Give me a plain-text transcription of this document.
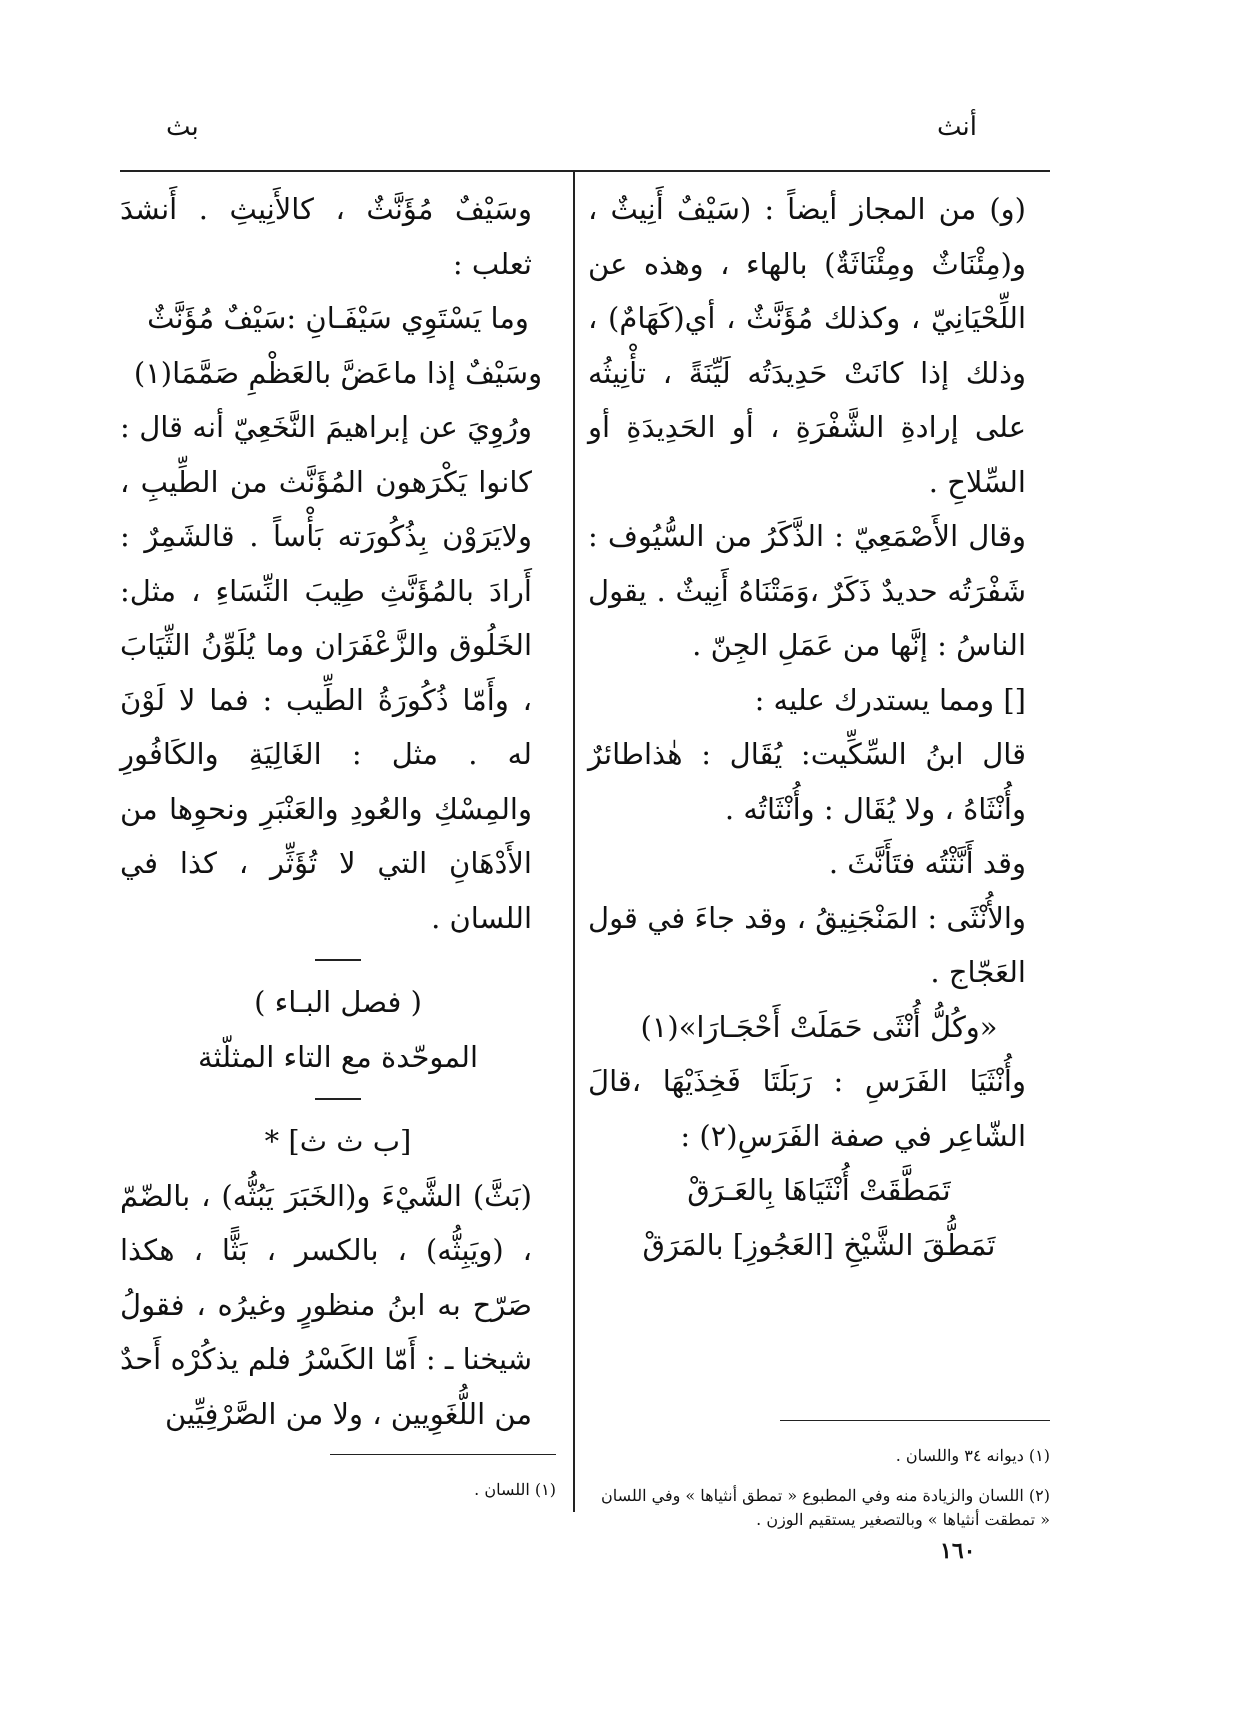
أنث
بث

(و) من المجاز أيضاً : (سَيْفٌ أَنِيثٌ ، و(مِئْنَاثٌ ومِئْنَاثَةٌ) بالهاء ، وهذه عن اللِّحْيَانِيّ ، وكذلك مُؤَنَّثٌ ، أي(كَهَامٌ) ، وذلك إذا كانَتْ حَدِيدَتُه لَيِّنَةً ، تأْنِيثُه على إرادةِ الشَّفْرَةِ ، أو الحَدِيدَةِ أو السِّلاحِ .

وقال الأَصْمَعِيّ : الذَّكَرُ من السُّيُوف : شَفْرَتُه حديدٌ ذَكَرٌ ،وَمَتْنَاهُ أَنِيثٌ . يقول الناسُ : إنَّها من عَمَلِ الجِنّ .

[] ومما يستدرك عليه :

قال ابنُ السِّكِّيت: يُقَال : هٰذاطائرٌ وأُنْثَاهُ ، ولا يُقَال : وأُنْثَاتُه .

وقد أَنَّثْتُه فتَأَنَّثَ .

والأُنْثَى : المَنْجَنِيقُ ، وقد جاءَ في قول العَجّاج .

«وكُلُّ أُنْثَى حَمَلَتْ أَحْجَـارَا»(١)

وأُنْثَيَا الفَرَسِ : رَبَلَتَا فَخِذَيْهَا ،قالَ الشّاعِر في صفة الفَرَسِ(٢) :

تَمَطَّقَتْ أُنْثَيَاهَا بِالعَـرَقْ

تَمَطُّقَ الشَّيْخِ [العَجُوزِ] بالمَرَقْ

وسَيْفٌ مُؤَنَّثٌ ، كالأَنِيثِ . أَنشدَ ثعلب :

وما يَسْتَوِي سَيْفَـانِ :سَيْفٌ مُؤَنَّثٌ

وسَيْفٌ إذا ماعَضَّ بالعَظْمِ صَمَّمَا(١)

ورُوِيَ عن إبراهيمَ النَّخَعِيّ أنه قال : كانوا يَكْرَهون المُؤَنَّث من الطِّيبِ ، ولايَرَوْن بِذُكُورَته بَأْساً . قالشَمِرٌ : أَرادَ بالمُؤَنَّثِ طِيبَ النِّسَاءِ ، مثل: الخَلُوق والزَّعْفَرَان وما يُلَوِّنُ الثِّيَابَ ، وأَمّا ذُكُورَةُ الطِّيب : فما لا لَوْنَ له . مثل : الغَالِيَةِ والكَافُورِ والمِسْكِ والعُودِ والعَنْبَرِ ونحوِها من الأَدْهَانِ التي لا تُؤَثِّر ، كذا في اللسان .

( فصل البـاء )

الموحّدة مع التاء المثلّثة

[ب ث ث] *

(بَثَّ) الشَّيْءَ و(الخَبَرَ يَبُثُّه) ، بالضّمّ ، (ويَبِثُّه) ، بالكسر ، بَثًّا ، هكذا صَرّح به ابنُ منظورٍ وغيرُه ، فقولُ شيخنا ـ : أَمّا الكَسْرُ فلم يذكُرْه أَحدٌ من اللُّغَوِيين ، ولا من الصَّرْفِيِّين

(١) ديوانه ٣٤ واللسان .

(٢) اللسان والزيادة منه وفي المطبوع « تمطق أنثياها » وفي اللسان « تمطقت أنثياها » وبالتصغير يستقيم الوزن .

(١) اللسان .

١٦٠
